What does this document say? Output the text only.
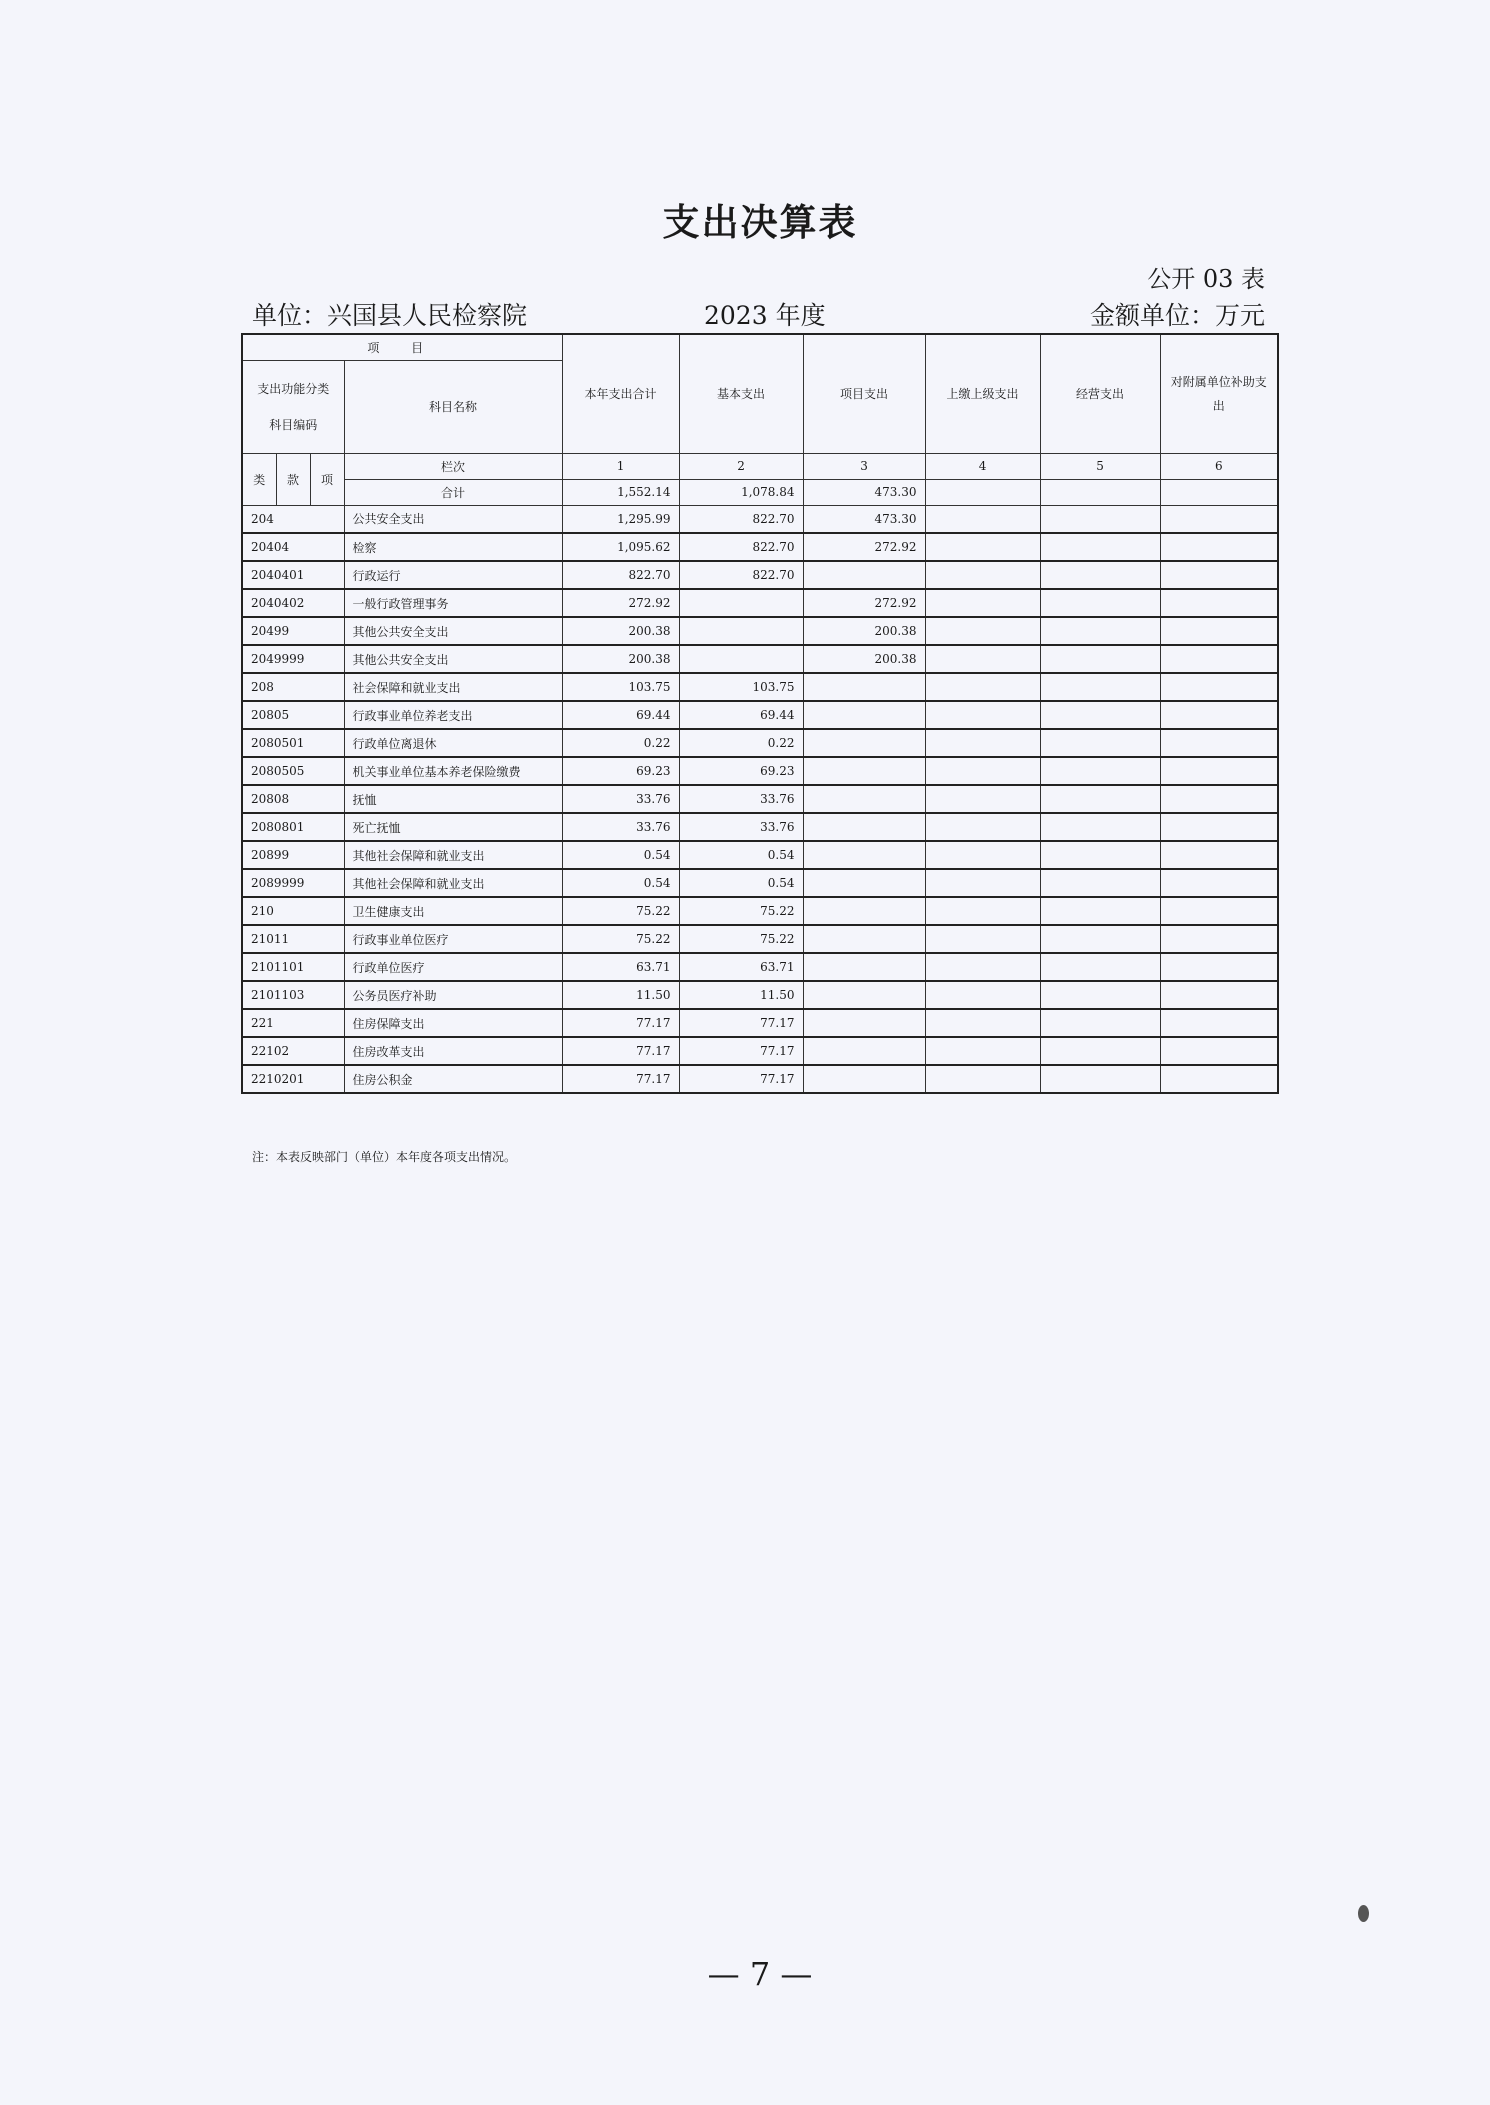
支出决算表
公开 03 表
单位：兴国县人民检察院	2023 年度	金额单位：万元
项 目				本年支出合计	基本支出	项目支出	上缴上级支出	经营支出	对附属单位补助支出
支出功能分类
科目编码			科目名称						
类	款	项	栏次	1	2	3	4	5	6
			合计	1,552.14	1,078.84	473.30			
204			公共安全支出	1,295.99	822.70	473.30			
20404			检察	1,095.62	822.70	272.92			
2040401			行政运行	822.70	822.70				
2040402			一般行政管理事务	272.92		272.92			
20499			其他公共安全支出	200.38		200.38			
2049999			其他公共安全支出	200.38		200.38			
208			社会保障和就业支出	103.75	103.75				
20805			行政事业单位养老支出	69.44	69.44				
2080501			行政单位离退休	0.22	0.22				
2080505			机关事业单位基本养老保险缴费	69.23	69.23				
20808			抚恤	33.76	33.76				
2080801			死亡抚恤	33.76	33.76				
20899			其他社会保障和就业支出	0.54	0.54				
2089999			其他社会保障和就业支出	0.54	0.54				
210			卫生健康支出	75.22	75.22				
21011			行政事业单位医疗	75.22	75.22				
2101101			行政单位医疗	63.71	63.71				
2101103			公务员医疗补助	11.50	11.50				
221			住房保障支出	77.17	77.17				
22102			住房改革支出	77.17	77.17				
2210201			住房公积金	77.17	77.17				
注：本表反映部门（单位）本年度各项支出情况。
— 7 —
